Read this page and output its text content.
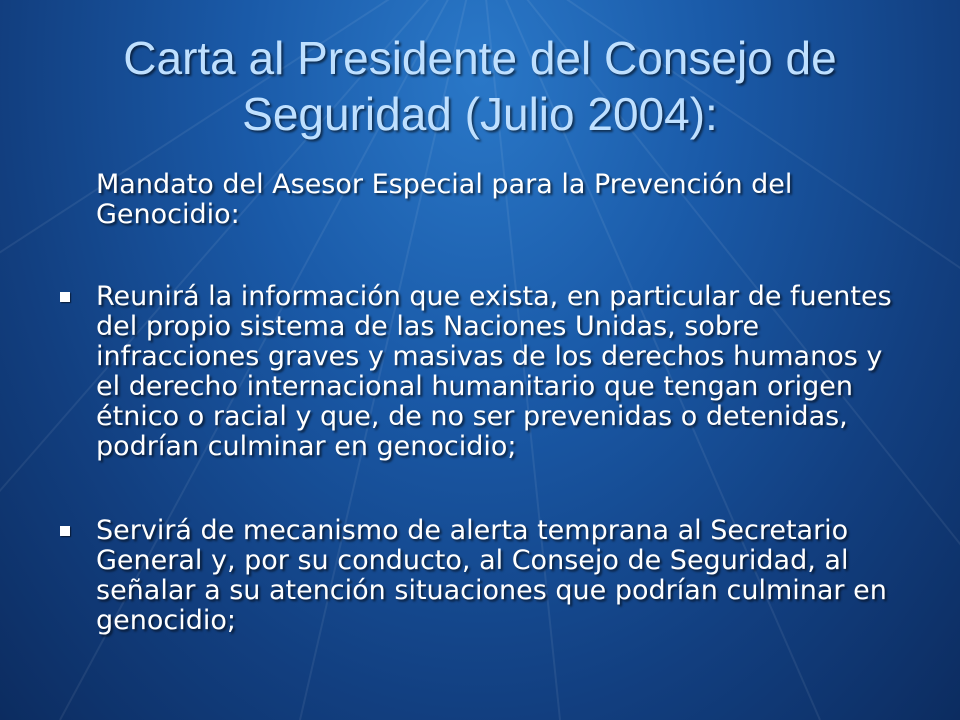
Carta al Presidente del Consejo de Seguridad (Julio 2004):

Mandato del Asesor Especial para la Prevención del Genocidio:

Reunirá la información que exista, en particular de fuentes del propio sistema de las Naciones Unidas, sobre infracciones graves y masivas de los derechos humanos y el derecho internacional humanitario que tengan origen étnico o racial y que, de no ser prevenidas o detenidas, podrían culminar en genocidio;
Servirá de mecanismo de alerta temprana al Secretario General y, por su conducto, al Consejo de Seguridad, al señalar a su atención situaciones que podrían culminar en genocidio;
